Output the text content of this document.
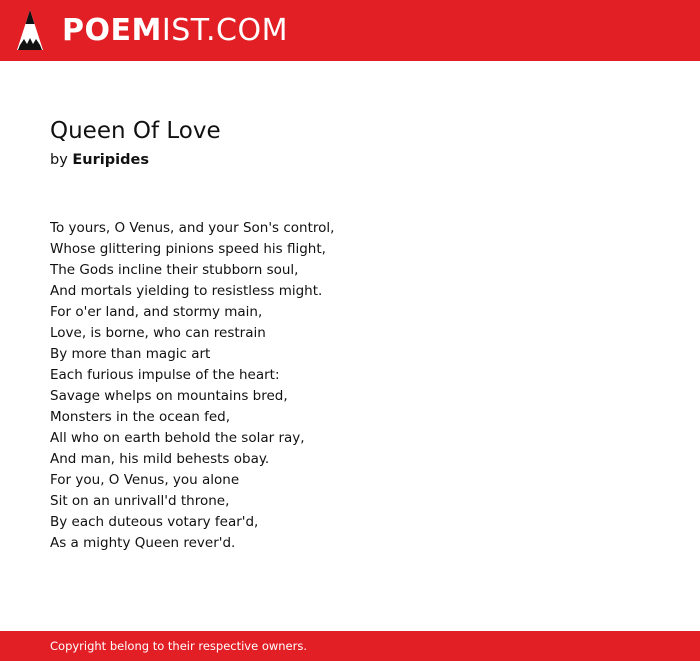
POEMIST.COM
Queen Of Love

by Euripides

To yours, O Venus, and your Son's control,
Whose glittering pinions speed his flight,
The Gods incline their stubborn soul,
And mortals yielding to resistless might.
For o'er land, and stormy main,
Love, is borne, who can restrain
By more than magic art
Each furious impulse of the heart:
Savage whelps on mountains bred,
Monsters in the ocean fed,
All who on earth behold the solar ray,
And man, his mild behests obay.
For you, O Venus, you alone
Sit on an unrivall'd throne,
By each duteous votary fear'd,
As a mighty Queen rever'd.
Copyright belong to their respective owners.
